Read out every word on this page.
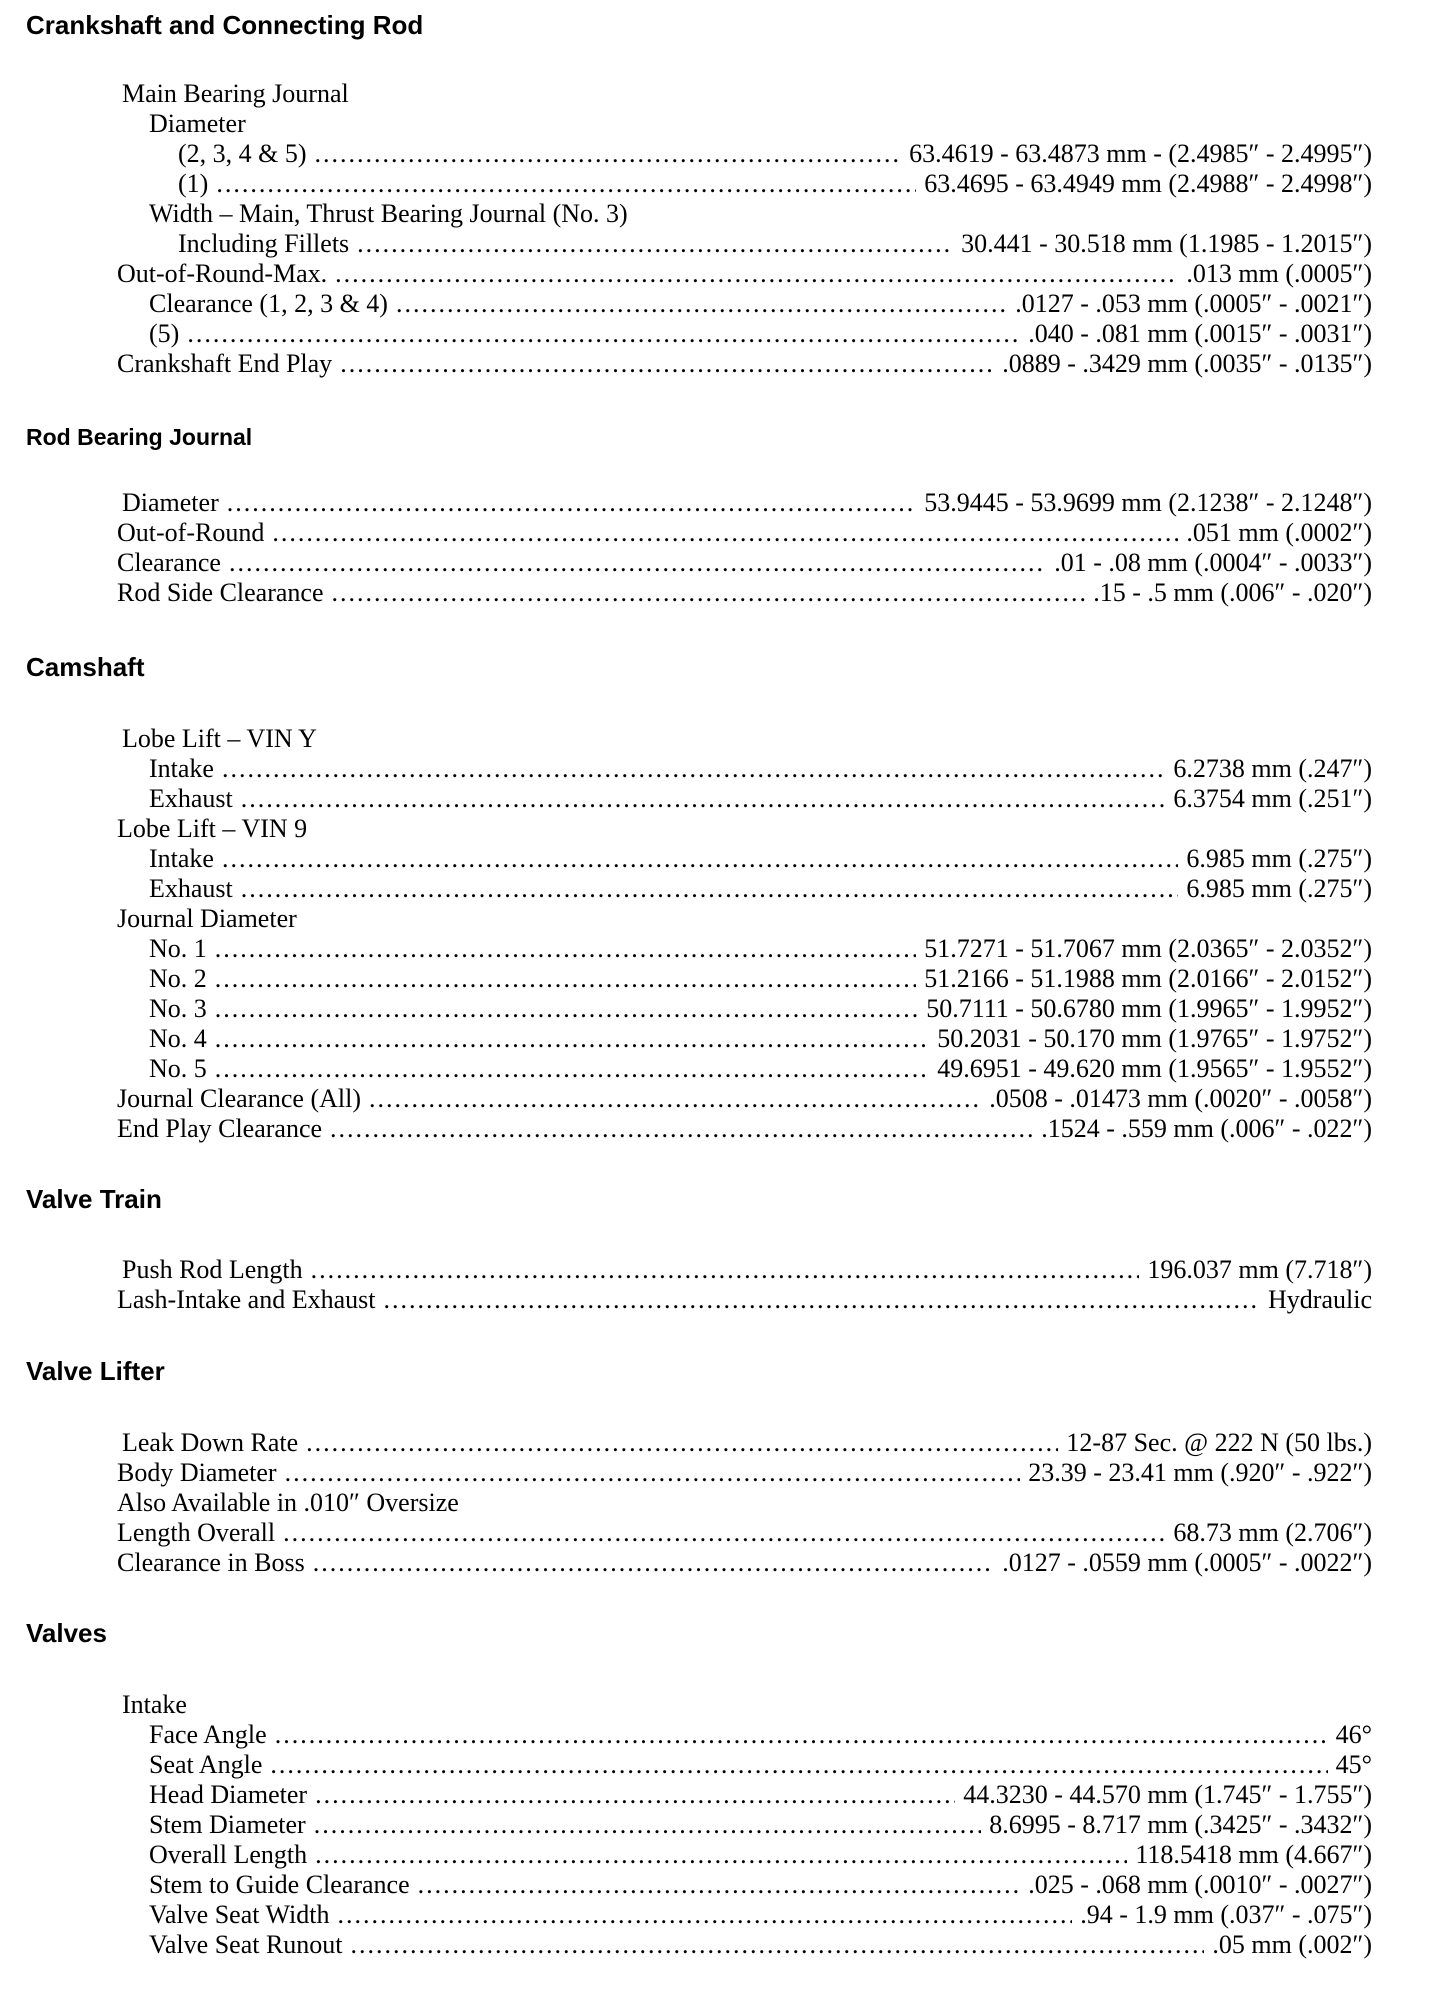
Crankshaft and Connecting Rod
Main Bearing Journal
Diameter
(2, 3, 4 & 5) .....	63.4619 - 63.4873 mm - (2.4985″ - 2.4995″)
(1) .....	63.4695 - 63.4949 mm (2.4988″ - 2.4998″)
Width – Main, Thrust Bearing Journal (No. 3)
Including Fillets .....	30.441 - 30.518 mm (1.1985 - 1.2015″)
Out-of-Round-Max. .....	.013 mm (.0005″)
Clearance (1, 2, 3 & 4) .....	.0127 - .053 mm (.0005″ - .0021″)
(5) .....	.040 - .081 mm (.0015″ - .0031″)
Crankshaft End Play .....	.0889 - .3429 mm (.0035″ - .0135″)
Rod Bearing Journal
Diameter .....	53.9445 - 53.9699 mm (2.1238″ - 2.1248″)
Out-of-Round .....	.051 mm (.0002″)
Clearance .....	.01 - .08 mm (.0004″ - .0033″)
Rod Side Clearance .....	.15 - .5 mm (.006″ - .020″)
Camshaft
Lobe Lift – VIN Y
Intake .....	6.2738 mm (.247″)
Exhaust .....	6.3754 mm (.251″)
Lobe Lift – VIN 9
Intake .....	6.985 mm (.275″)
Exhaust .....	6.985 mm (.275″)
Journal Diameter
No. 1 .....	51.7271 - 51.7067 mm (2.0365″ - 2.0352″)
No. 2 .....	51.2166 - 51.1988 mm (2.0166″ - 2.0152″)
No. 3 .....	50.7111 - 50.6780 mm (1.9965″ - 1.9952″)
No. 4 .....	50.2031 - 50.170 mm (1.9765″ - 1.9752″)
No. 5 .....	49.6951 - 49.620 mm (1.9565″ - 1.9552″)
Journal Clearance (All) .....	.0508 - .01473 mm (.0020″ - .0058″)
End Play Clearance .....	.1524 - .559 mm (.006″ - .022″)
Valve Train
Push Rod Length .....	196.037 mm (7.718″)
Lash-Intake and Exhaust .....	Hydraulic
Valve Lifter
Leak Down Rate .....	12-87 Sec. @ 222 N (50 lbs.)
Body Diameter .....	23.39 - 23.41 mm (.920″ - .922″)
Also Available in .010″ Oversize
Length Overall .....	68.73 mm (2.706″)
Clearance in Boss .....	.0127 - .0559 mm (.0005″ - .0022″)
Valves
Intake
Face Angle .....	46°
Seat Angle .....	45°
Head Diameter .....	44.3230 - 44.570 mm (1.745″ - 1.755″)
Stem Diameter .....	8.6995 - 8.717 mm (.3425″ - .3432″)
Overall Length .....	118.5418 mm (4.667″)
Stem to Guide Clearance .....	.025 - .068 mm (.0010″ - .0027″)
Valve Seat Width .....	.94 - 1.9 mm (.037″ - .075″)
Valve Seat Runout .....	.05 mm (.002″)
